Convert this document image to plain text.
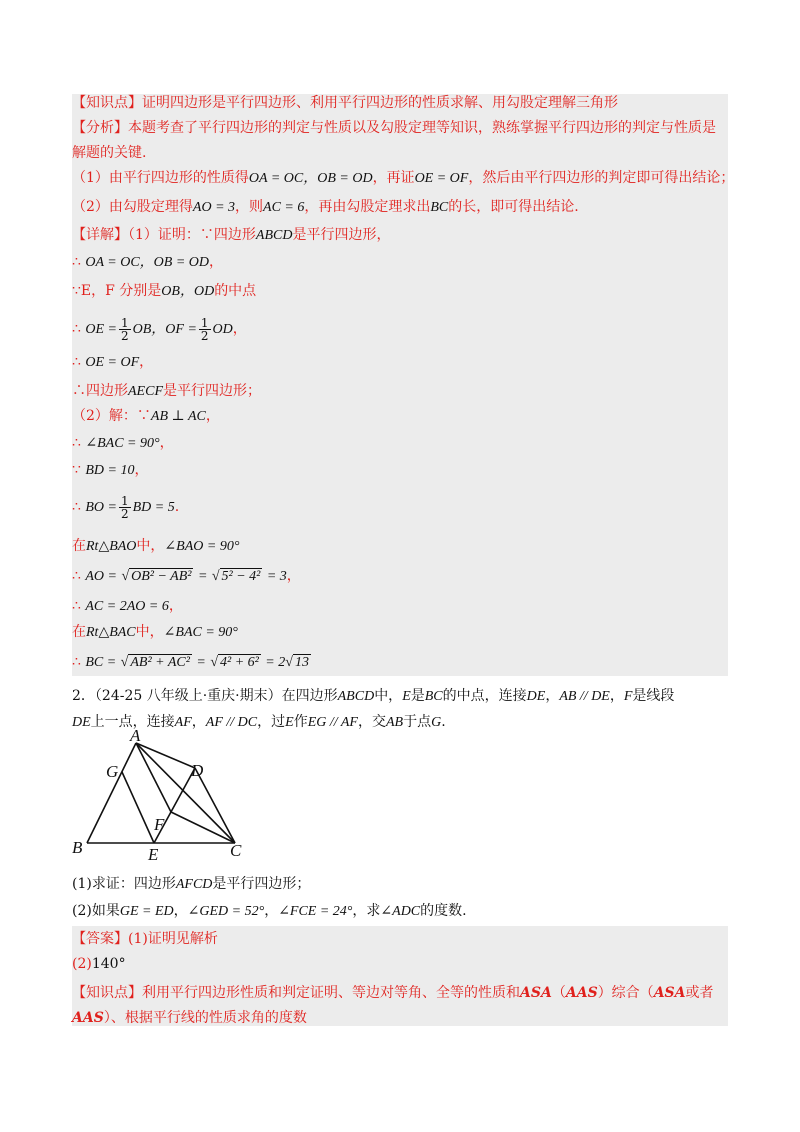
【知识点】证明四边形是平行四边形、利用平行四边形的性质求解、用勾股定理解三角形
【分析】本题考查了平行四边形的判定与性质以及勾股定理等知识，熟练掌握平行四边形的判定与性质是
解题的关键.
（1）由平行四边形的性质得OA = OC，OB = OD，再证OE = OF，然后由平行四边形的判定即可得出结论；
（2）由勾股定理得AO = 3，则AC = 6，再由勾股定理求出BC的长，即可得出结论.
【详解】（1）证明：∵四边形ABCD是平行四边形，
∴ OA = OC，OB = OD，
∵E，F 分别是OB，OD的中点
∴ OE = $\frac{1}{2}$ OB，OF = $\frac{1}{2}$ OD，
∴ OE = OF，
∴四边形AECF是平行四边形；
（2）解：∵AB ⊥ AC，
∴ ∠BAC = 90°，
∵ BD = 10，
∴ BO = $\frac{1}{2}$ BD = 5.
在Rt△BAO中，∠BAO = 90°
∴ AO = √ OB² − AB² = √ 5² − 4² = 3，
∴ AC = 2AO = 6，
在Rt△BAC中，∠BAC = 90°
∴ BC = √ AB² + AC² = √ 4² + 6² = 2√ 13
2．（24-25 八年级上·重庆·期末）在四边形ABCD中，E是BC的中点，连接DE，AB // DE，F是线段
DE上一点，连接AF，AF // DC，过E作EG // AF，交AB于点G.
A
G	D
F
B	E	C
(1)求证：四边形AFCD是平行四边形；
(2)如果GE = ED，∠GED = 52°，∠FCE = 24°，求∠ADC的度数.
【答案】(1)证明见解析
(2)140°
【知识点】利用平行四边形性质和判定证明、等边对等角、全等的性质和ASA（AAS）综合（ASA或者
AAS）、根据平行线的性质求角的度数
